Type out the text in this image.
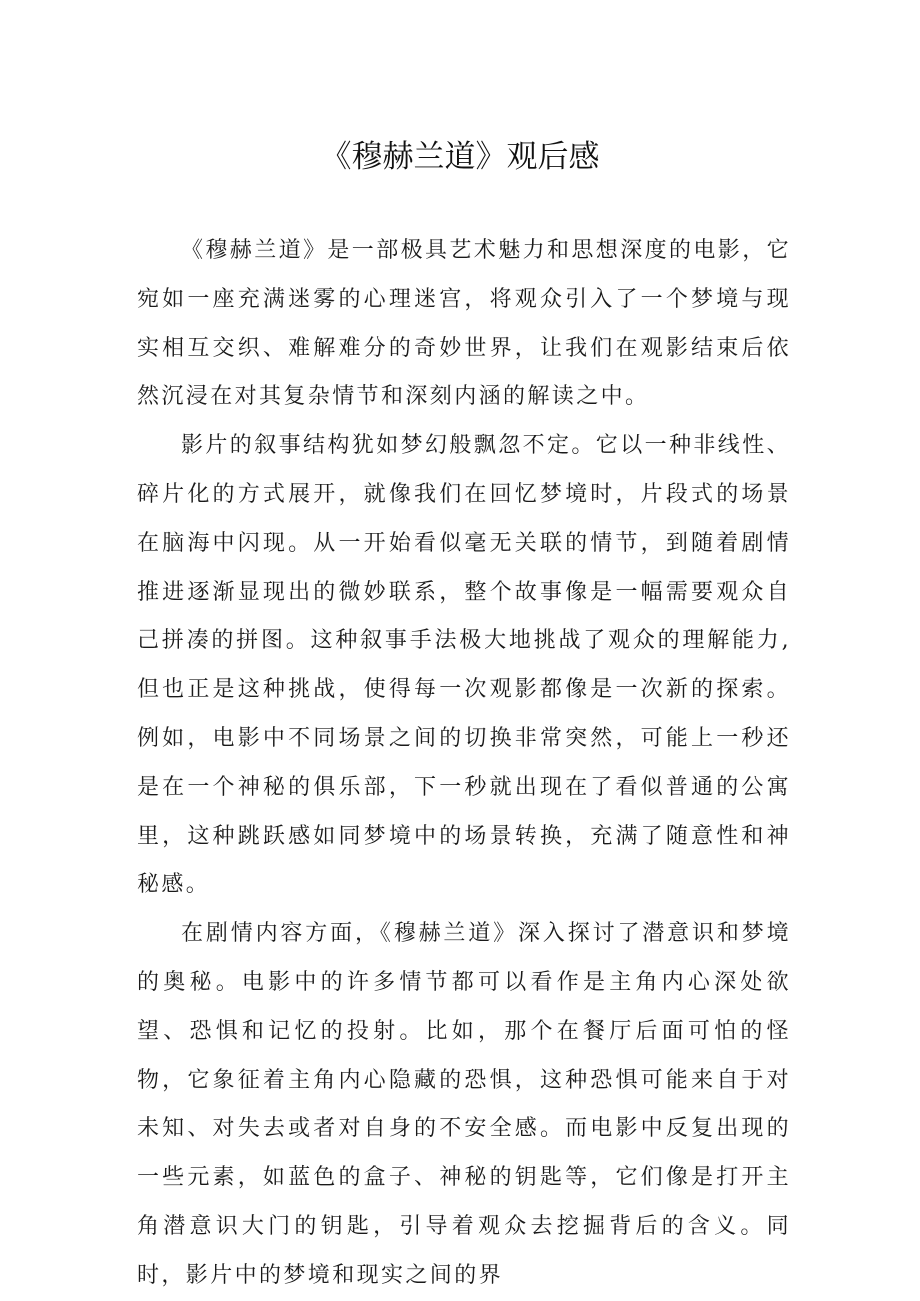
《穆赫兰道》观后感

《穆赫兰道》是一部极具艺术魅力和思想深度的电影，它宛如一座充满迷雾的心理迷宫，将观众引入了一个梦境与现实相互交织、难解难分的奇妙世界，让我们在观影结束后依然沉浸在对其复杂情节和深刻内涵的解读之中。

影片的叙事结构犹如梦幻般飘忽不定。它以一种非线性、碎片化的方式展开，就像我们在回忆梦境时，片段式的场景在脑海中闪现。从一开始看似毫无关联的情节，到随着剧情推进逐渐显现出的微妙联系，整个故事像是一幅需要观众自己拼凑的拼图。这种叙事手法极大地挑战了观众的理解能力,但也正是这种挑战，使得每一次观影都像是一次新的探索。例如，电影中不同场景之间的切换非常突然，可能上一秒还是在一个神秘的俱乐部，下一秒就出现在了看似普通的公寓里，这种跳跃感如同梦境中的场景转换，充满了随意性和神秘感。

在剧情内容方面，《穆赫兰道》深入探讨了潜意识和梦境的奥秘。电影中的许多情节都可以看作是主角内心深处欲望、恐惧和记忆的投射。比如，那个在餐厅后面可怕的怪物，它象征着主角内心隐藏的恐惧，这种恐惧可能来自于对未知、对失去或者对自身的不安全感。而电影中反复出现的一些元素，如蓝色的盒子、神秘的钥匙等，它们像是打开主角潜意识大门的钥匙，引导着观众去挖掘背后的含义。同时，影片中的梦境和现实之间的界
